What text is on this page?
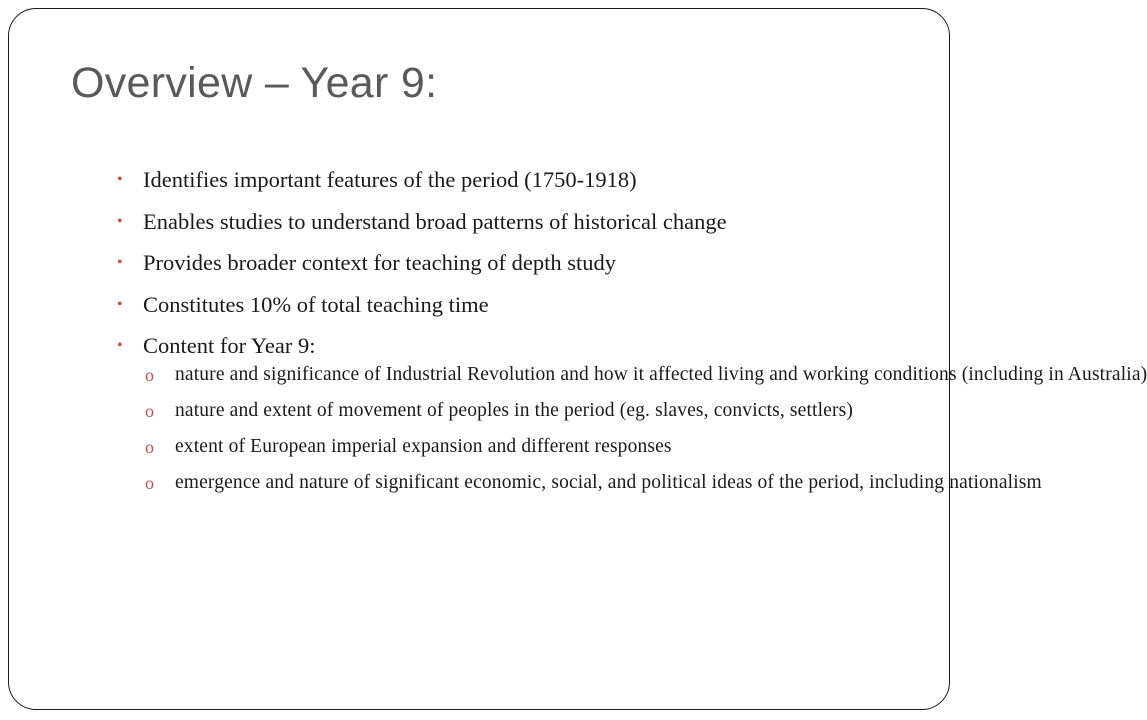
Overview – Year 9:
• Identifies important features of the period (1750-1918)
• Enables studies to understand broad patterns of historical change
• Provides broader context for teaching of depth study
• Constitutes 10% of total teaching time
• Content for Year 9:
o nature and significance of Industrial Revolution and how it affected living and working conditions (including in Australia)
o nature and extent of movement of peoples in the period (eg. slaves, convicts, settlers)
o extent of European imperial expansion and different responses
o emergence and nature of significant economic, social, and political ideas of the period, including nationalism
